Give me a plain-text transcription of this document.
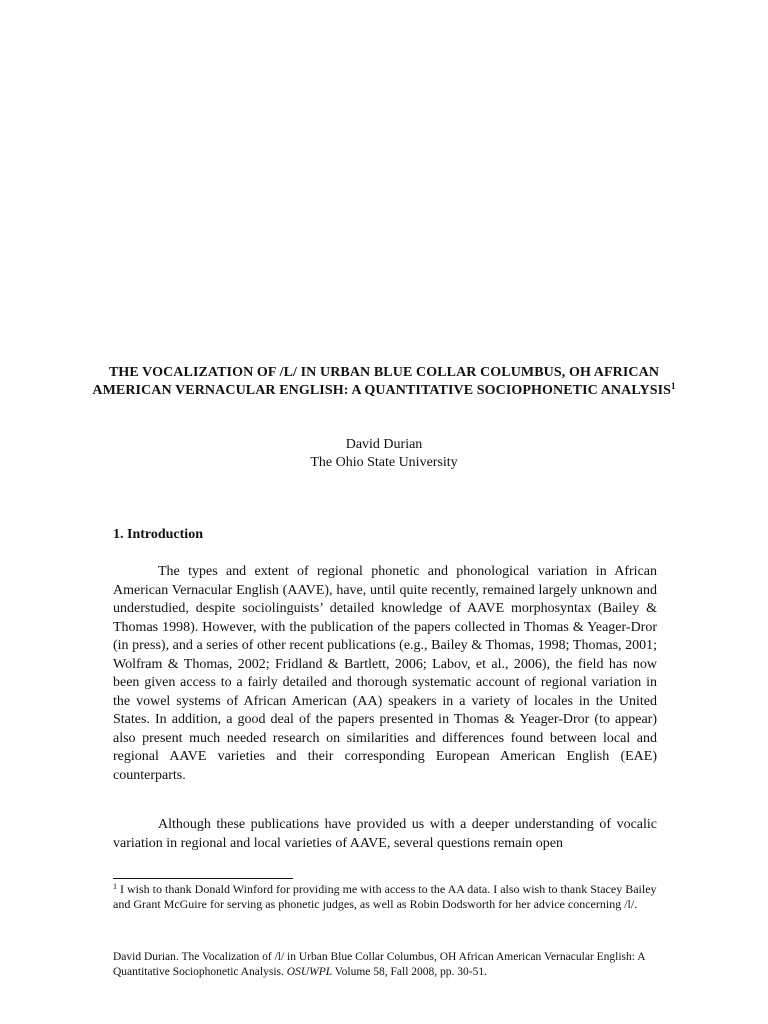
THE VOCALIZATION OF /L/ IN URBAN BLUE COLLAR COLUMBUS, OH AFRICAN AMERICAN VERNACULAR ENGLISH: A QUANTITATIVE SOCIOPHONETIC ANALYSIS$^1$
David Durian
The Ohio State University
1. Introduction

The types and extent of regional phonetic and phonological variation in African American Vernacular English (AAVE), have, until quite recently, remained largely unknown and understudied, despite sociolinguists’ detailed knowledge of AAVE morphosyntax (Bailey & Thomas 1998). However, with the publication of the papers collected in Thomas & Yeager-Dror (in press), and a series of other recent publications (e.g., Bailey & Thomas, 1998; Thomas, 2001; Wolfram & Thomas, 2002; Fridland & Bartlett, 2006; Labov, et al., 2006), the field has now been given access to a fairly detailed and thorough systematic account of regional variation in the vowel systems of African American (AA) speakers in a variety of locales in the United States. In addition, a good deal of the papers presented in Thomas & Yeager-Dror (to appear) also present much needed research on similarities and differences found between local and regional AAVE varieties and their corresponding European American English (EAE) counterparts.

Although these publications have provided us with a deeper understanding of vocalic variation in regional and local varieties of AAVE, several questions remain open

$^1$ I wish to thank Donald Winford for providing me with access to the AA data. I also wish to thank Stacey Bailey and Grant McGuire for serving as phonetic judges, as well as Robin Dodsworth for her advice concerning /l/.

David Durian. The Vocalization of /l/ in Urban Blue Collar Columbus, OH African American Vernacular English: A Quantitative Sociophonetic Analysis. OSUWPL Volume 58, Fall 2008, pp. 30-51.
